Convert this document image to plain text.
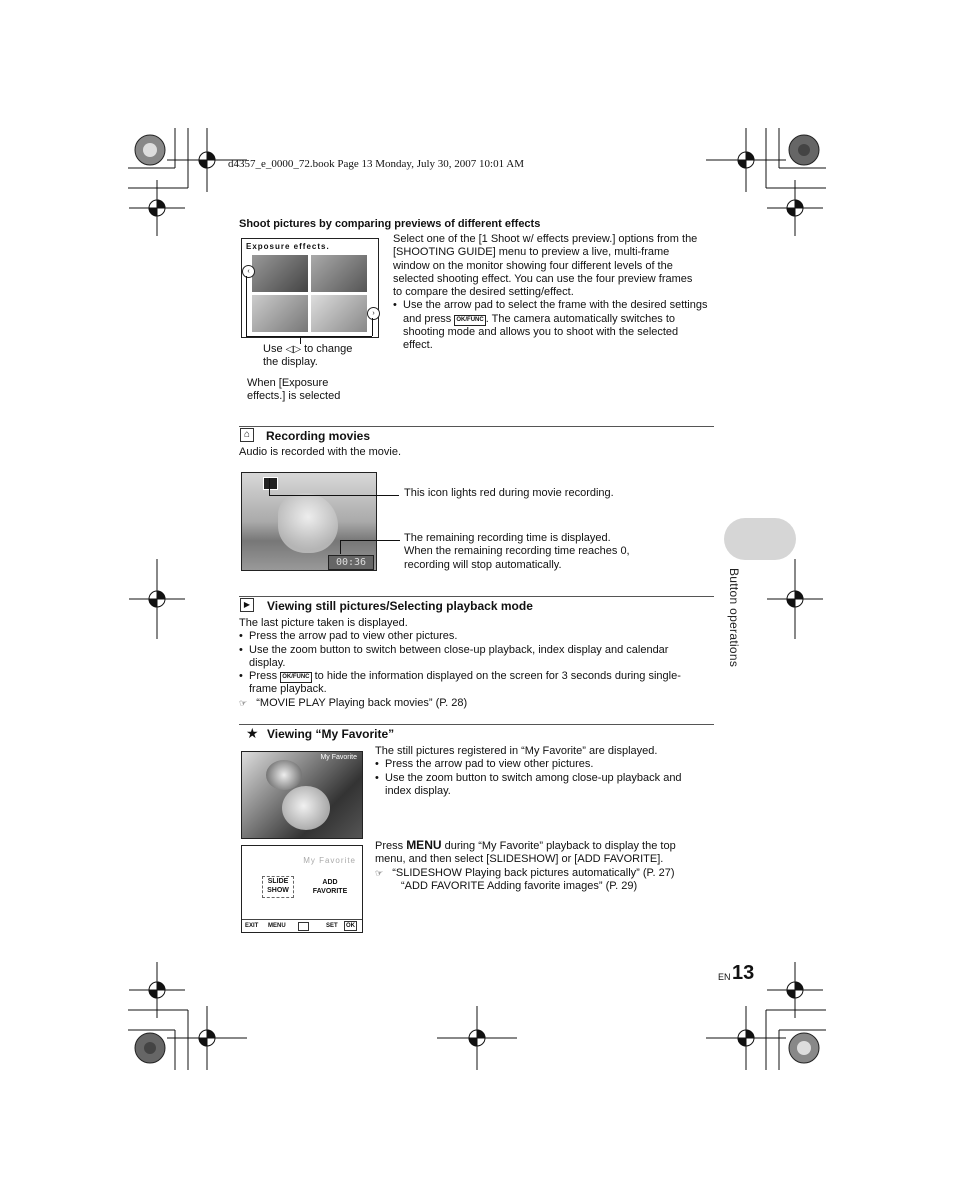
d4357_e_0000_72.book Page 13 Monday, July 30, 2007 10:01 AM
Shoot pictures by comparing previews of different effects
Exposure effects.
‹
›
Use ◁▷ to change
the display.
When [Exposure
effects.] is selected
Select one of the [1 Shoot w/ effects preview.] options from the
[SHOOTING GUIDE] menu to preview a live, multi-frame
window on the monitor showing four different levels of the
selected shooting effect. You can use the four preview frames
to compare the desired setting/effect.
• Use the arrow pad to select the frame with the desired settings
and press OK/FUNC . The camera automatically switches to
shooting mode and allows you to shoot with the selected
effect.
⌂	Recording movies
Audio is recorded with the movie.
00:36
This icon lights red during movie recording.
The remaining recording time is displayed.
When the remaining recording time reaches 0,
recording will stop automatically.
Button operations
▶	Viewing still pictures/Selecting playback mode
The last picture taken is displayed.
• Press the arrow pad to view other pictures.
• Use the zoom button to switch between close-up playback, index display and calendar
display.
• Press OK/FUNC to hide the information displayed on the screen for 3 seconds during single-
frame playback.
☞ “MOVIE PLAY Playing back movies” (P. 28)
★ Viewing “My Favorite”
My Favorite
My Favorite
SLIDE
SHOW
ADD
FAVORITE
EXIT MENU	SET	OK
The still pictures registered in “My Favorite” are displayed.
• Press the arrow pad to view other pictures.
• Use the zoom button to switch among close-up playback and
index display.
Press MENU during “My Favorite” playback to display the top
menu, and then select [SLIDESHOW] or [ADD FAVORITE].
☞ “SLIDESHOW Playing back pictures automatically” (P. 27)
“ADD FAVORITE Adding favorite images” (P. 29)
EN 13
